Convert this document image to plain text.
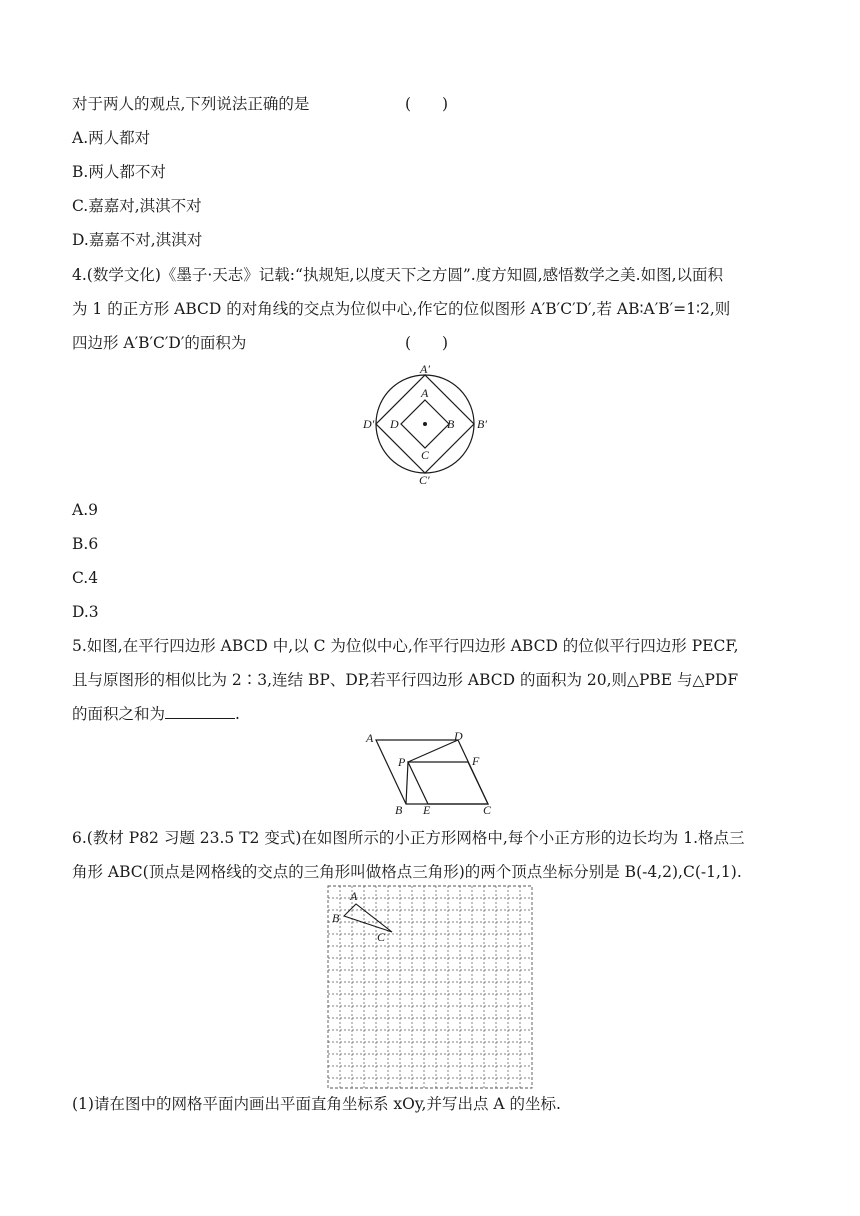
对于两人的观点,下列说法正确的是	(　　)
A.两人都对
B.两人都不对
C.嘉嘉对,淇淇不对
D.嘉嘉不对,淇淇对
4.(数学文化)《墨子·天志》记载:“执规矩,以度天下之方圆”.度方知圆,感悟数学之美.如图,以面积
为 1 的正方形 ABCD 的对角线的交点为位似中心,作它的位似图形 A′B′C′D′,若 AB∶A′B′=1∶2,则
四边形 A′B′C′D′的面积为	(　　)
A′
B′
C′
D′
A
B
C
D
A.9
B.6
C.4
D.3
5.如图,在平行四边形 ABCD 中,以 C 为位似中心,作平行四边形 ABCD 的位似平行四边形 PECF,
且与原图形的相似比为 2∶3,连结 BP、DP,若平行四边形 ABCD 的面积为 20,则△PBE 与△PDF
的面积之和为	.
A	D
P	F
B E	C
6.(教材 P82 习题 23.5 T2 变式)在如图所示的小正方形网格中,每个小正方形的边长均为 1.格点三
角形 ABC(顶点是网格线的交点的三角形叫做格点三角形)的两个顶点坐标分别是 B(-4,2),C(-1,1).
A
B
C
(1)请在图中的网格平面内画出平面直角坐标系 xOy,并写出点 A 的坐标.
